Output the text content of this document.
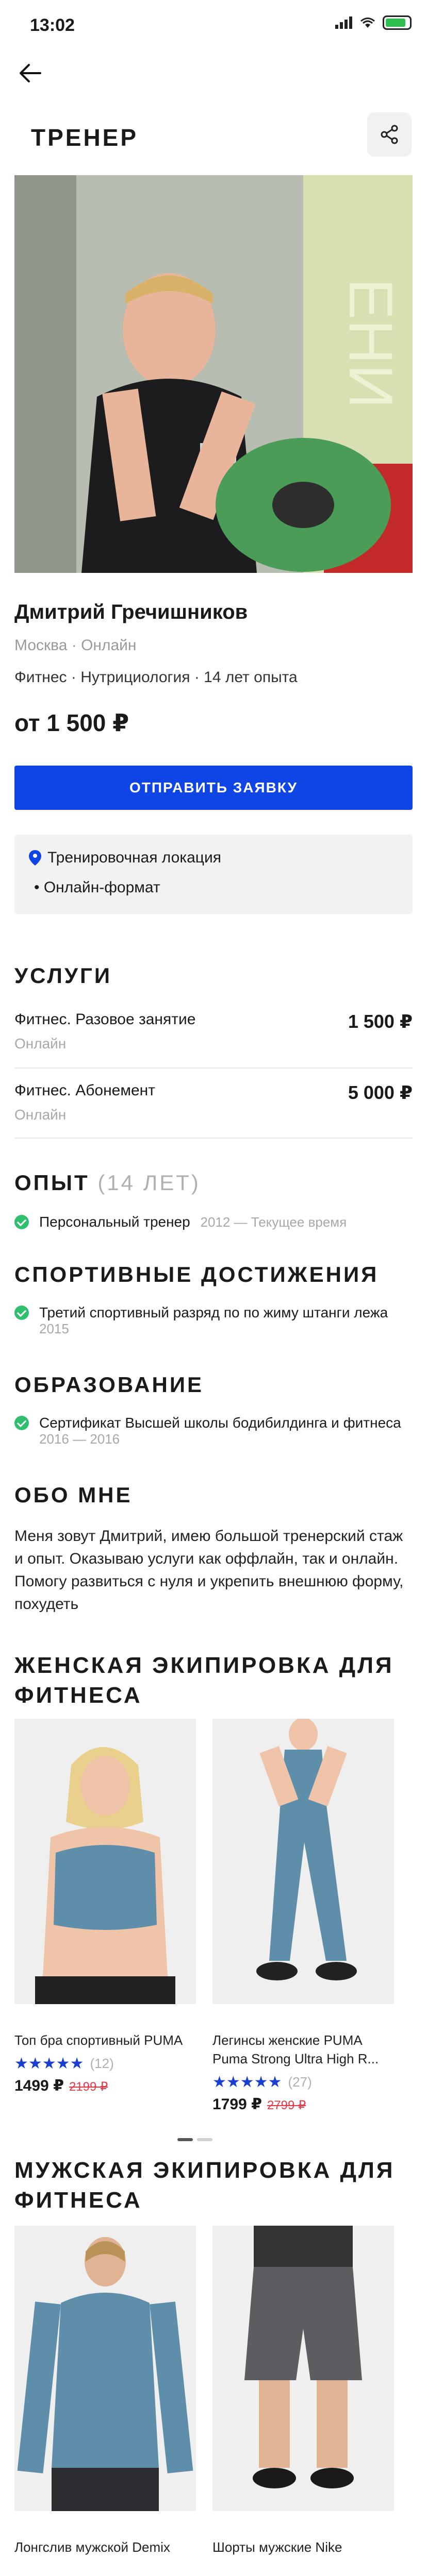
13:02
ТРЕНЕР
ЕНИ
Дмитрий Гречишников
Москва · Онлайн
Фитнес · Нутрициология · 14 лет опыта
от 1 500 ₽
ОТПРАВИТЬ ЗАЯВКУ
Тренировочная локация
• Онлайн-формат
УСЛУГИ
Фитнес. Разовое занятие
Онлайн
1 500 ₽
Фитнес. Абонемент
Онлайн
5 000 ₽
ОПЫТ (14 ЛЕТ)
Персональный тренер 2012 — Текущее время
СПОРТИВНЫЕ ДОСТИЖЕНИЯ
Третий спортивный разряд по по жиму штанги лежа
2015
ОБРАЗОВАНИЕ
Сертификат Высшей школы бодибилдинга и фитнеса
2016 — 2016
ОБО МНЕ
Меня зовут Дмитрий, имею большой тренерский стаж и опыт. Оказываю услуги как оффлайн, так и онлайн. Помогу развиться с нуля и укрепить внешнюю форму, похудеть
ЖЕНСКАЯ ЭКИПИРОВКА ДЛЯ ФИТНЕСА
Топ бра спортивный PUMA
★★★★★ (12)
1499 ₽ 2199 ₽
Легинсы женские PUMA Puma Strong Ultra High R...
★★★★★ (27)
1799 ₽ 2799 ₽
МУЖСКАЯ ЭКИПИРОВКА ДЛЯ ФИТНЕСА
Лонгслив мужской Demix	Шорты мужские Nike
